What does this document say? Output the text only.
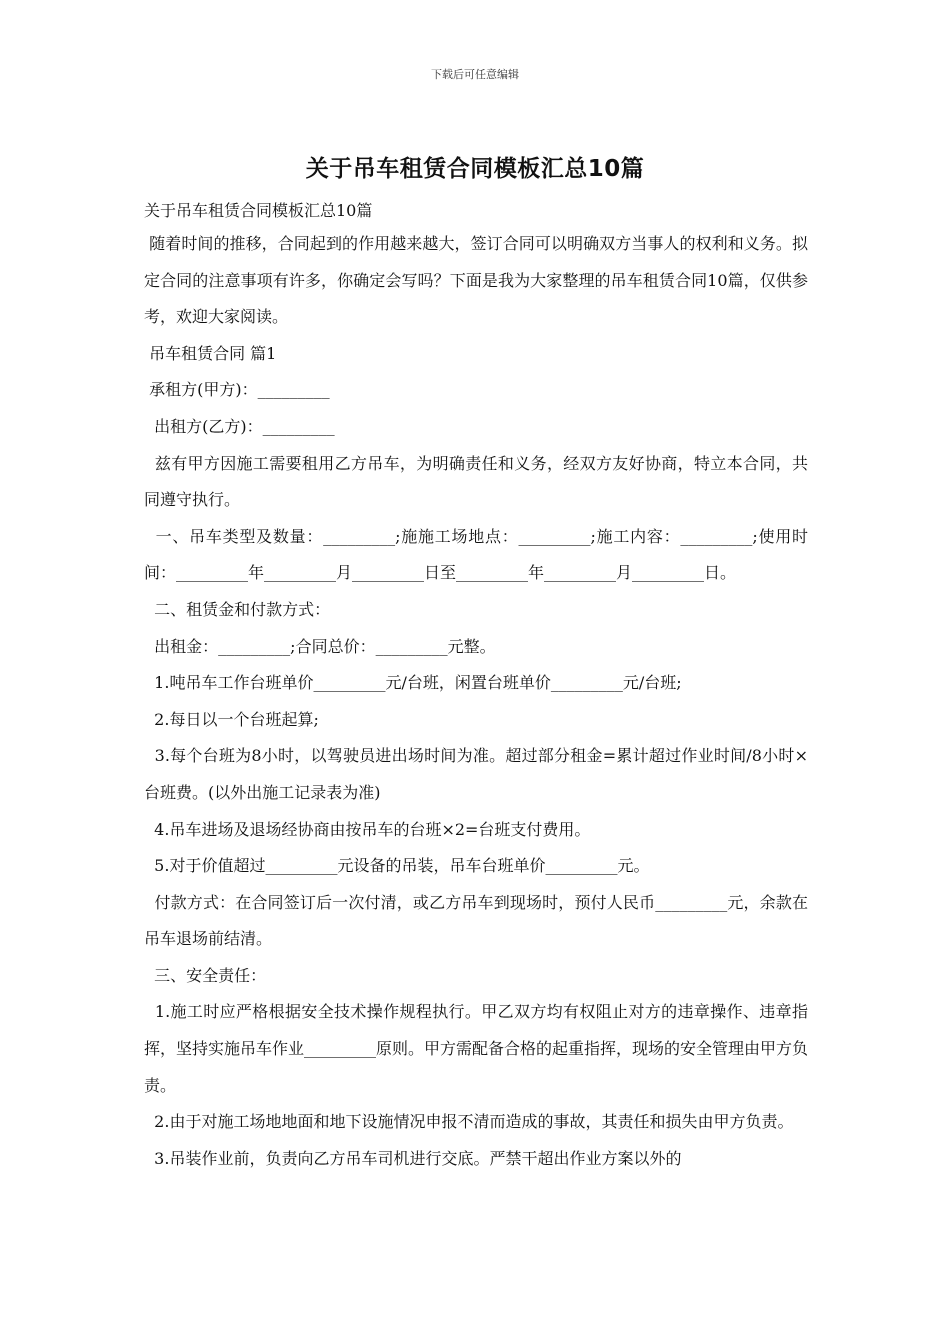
下载后可任意编辑
关于吊车租赁合同模板汇总10篇

关于吊车租赁合同模板汇总10篇

随着时间的推移，合同起到的作用越来越大，签订合同可以明确双方当事人的权利和义务。拟定合同的注意事项有许多，你确定会写吗？下面是我为大家整理的吊车租赁合同10篇，仅供参考，欢迎大家阅读。

吊车租赁合同 篇1

承租方(甲方)：_________

出租方(乙方)：_________

兹有甲方因施工需要租用乙方吊车，为明确责任和义务，经双方友好协商，特立本合同，共同遵守执行。

一、吊车类型及数量：_________;施施工场地点：_________;施工内容：_________;使用时间：_________年_________月_________日至_________年_________月_________日。

二、租赁金和付款方式：

出租金：_________;合同总价：_________元整。

1.吨吊车工作台班单价_________元/台班，闲置台班单价_________元/台班;

2.每日以一个台班起算;

3.每个台班为8小时，以驾驶员进出场时间为准。超过部分租金=累计超过作业时间/8小时×台班费。(以外出施工记录表为准)

4.吊车进场及退场经协商由按吊车的台班×2=台班支付费用。

5.对于价值超过_________元设备的吊装，吊车台班单价_________元。

付款方式：在合同签订后一次付清，或乙方吊车到现场时，预付人民币_________元，余款在吊车退场前结清。

三、安全责任：

1.施工时应严格根据安全技术操作规程执行。甲乙双方均有权阻止对方的违章操作、违章指挥，坚持实施吊车作业_________原则。甲方需配备合格的起重指挥，现场的安全管理由甲方负责。

2.由于对施工场地地面和地下设施情况申报不清而造成的事故，其责任和损失由甲方负责。

3.吊装作业前，负责向乙方吊车司机进行交底。严禁干超出作业方案以外的
